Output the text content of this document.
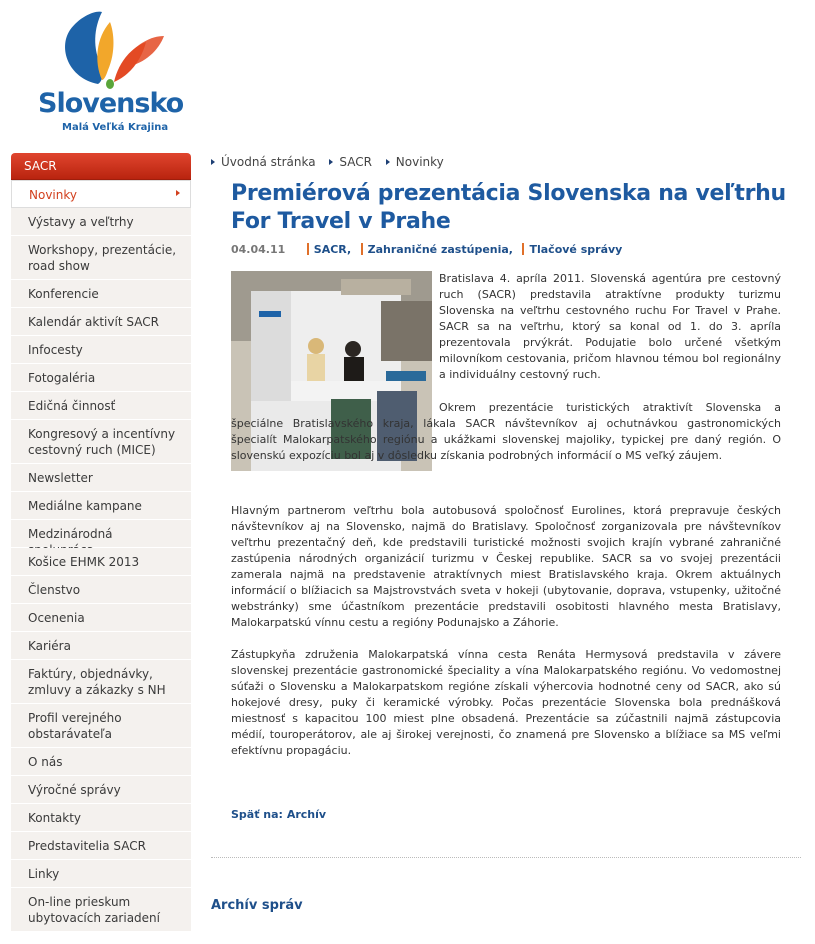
Slovensko
Malá Veľká Krajina
SACR
Novinky
Výstavy a veľtrhy
Workshopy, prezentácie, road show
Konferencie
Kalendár aktivít SACR
Infocesty
Fotogaléria
Edičná činnosť
Kongresový a incentívny cestovný ruch (MICE)
Newsletter
Mediálne kampane
Medzinárodná
Košice EHMK 2013
Členstvo
Ocenenia
Kariéra
Faktúry, objednávky, zmluvy a zákazky s NH
Profil verejného obstarávateľa
O nás
Výročné správy
Kontakty
Predstavitelia SACR
Linky
On-line prieskum ubytovacích zariadení
Úvodná stránka SACR Novinky
Premiérová prezentácia Slovenska na veľtrhu For Travel v Prahe
04.04.11	SACR, Zahraničné zastúpenia, Tlačové správy

Bratislava 4. apríla 2011. Slovenská agentúra pre cestovný ruch (SACR) predstavila atraktívne produkty turizmu Slovenska na veľtrhu cestovného ruchu For Travel v Prahe. SACR sa na veľtrhu, ktorý sa konal od 1. do 3. apríla prezentovala prvýkrát. Podujatie bolo určené všetkým milovníkom cestovania, pričom hlavnou témou bol regionálny a individuálny cestovný ruch.

Okrem prezentácie turistických atraktivít Slovenska a špeciálne Bratislavského kraja, lákala SACR návštevníkov aj ochutnávkou gastronomických špecialít Malokarpatského regiónu a ukážkami slovenskej majoliky, typickej pre daný región. O slovenskú expozíciu bol aj v dôsledku získania podrobných informácií o MS veľký záujem.

Hlavným partnerom veľtrhu bola autobusová spoločnosť Eurolines, ktorá prepravuje českých návštevníkov aj na Slovensko, najmä do Bratislavy. Spoločnosť zorganizovala pre návštevníkov veľtrhu prezentačný deň, kde predstavili turistické možnosti svojich krajín vybrané zahraničné zastúpenia národných organizácií turizmu v Českej republike. SACR sa vo svojej prezentácii zamerala najmä na predstavenie atraktívnych miest Bratislavského kraja. Okrem aktuálnych informácií o blížiacich sa Majstrovstvách sveta v hokeji (ubytovanie, doprava, vstupenky, užitočné webstránky) sme účastníkom prezentácie predstavili osobitosti hlavného mesta Bratislavy, Malokarpatskú vínnu cestu a regióny Podunajsko a Záhorie.

Zástupkyňa združenia Malokarpatská vínna cesta Renáta Hermysová predstavila v závere slovenskej prezentácie gastronomické špeciality a vína Malokarpatského regiónu. Vo vedomostnej súťaži o Slovensku a Malokarpatskom regióne získali výhercovia hodnotné ceny od SACR, ako sú hokejové dresy, puky či keramické výrobky. Počas prezentácie Slovenska bola prednášková miestnosť s kapacitou 100 miest plne obsadená. Prezentácie sa zúčastnili najmä zástupcovia médií, touroperátorov, ale aj širokej verejnosti, čo znamená pre Slovensko a blížiace sa MS veľmi efektívnu propagáciu.

Späť na: Archív
Archív správ
